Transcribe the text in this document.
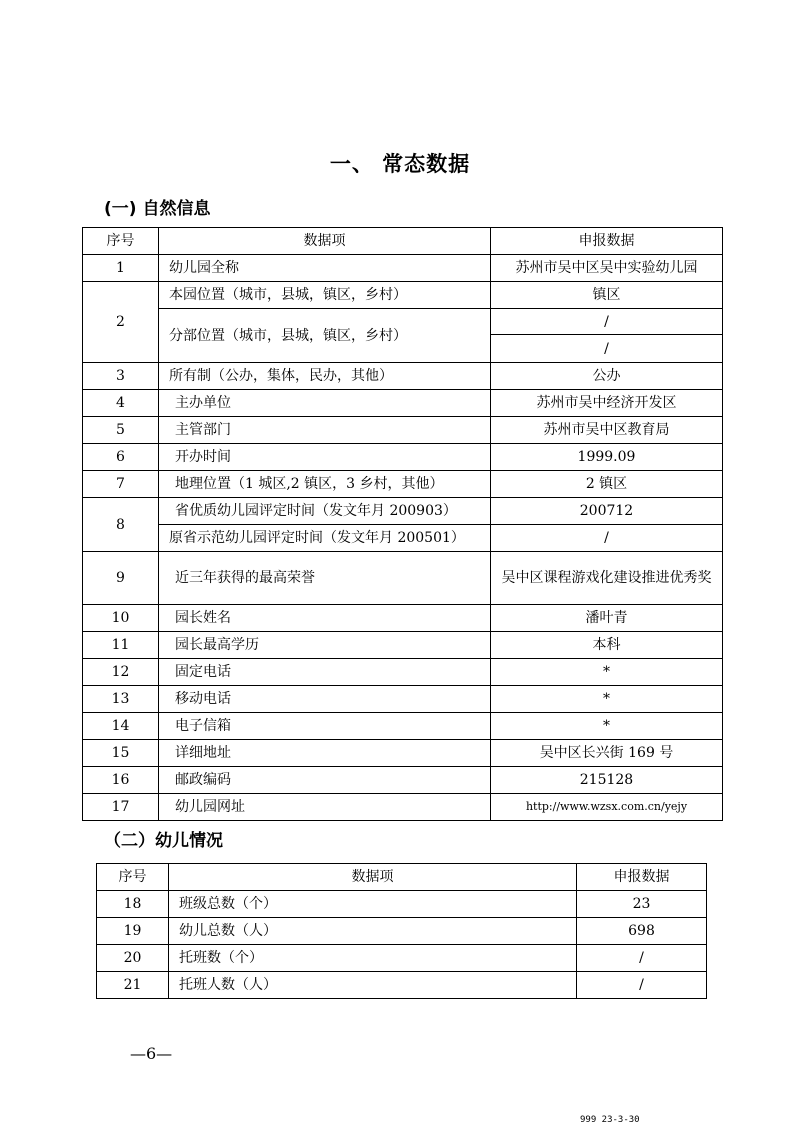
一、 常态数据
(一) 自然信息
序号	数据项	申报数据
1	幼儿园全称	苏州市吴中区吴中实验幼儿园
2	本园位置（城市，县城，镇区，乡村）	镇区
	分部位置（城市，县城，镇区，乡村）	/
		/
3	所有制（公办，集体，民办，其他）	公办
4	主办单位	苏州市吴中经济开发区
5	主管部门	苏州市吴中区教育局
6	开办时间	1999.09
7	地理位置（1 城区,2 镇区，3 乡村，其他）	2 镇区
8	省优质幼儿园评定时间（发文年月 200903）	200712
	原省示范幼儿园评定时间（发文年月 200501）	/
9	近三年获得的最高荣誉	吴中区课程游戏化建设推进优秀奖
10	园长姓名	潘叶青
11	园长最高学历	本科
12	固定电话	*
13	移动电话	*
14	电子信箱	*
15	详细地址	吴中区长兴街 169 号
16	邮政编码	215128
17	幼儿园网址	http://www.wzsx.com.cn/yejy
（二）幼儿情况
序号	数据项	申报数据
18	班级总数（个）	23
19	幼儿总数（人）	698
20	托班数（个）	/
21	托班人数（人）	/
—6—
999 23-3-30
